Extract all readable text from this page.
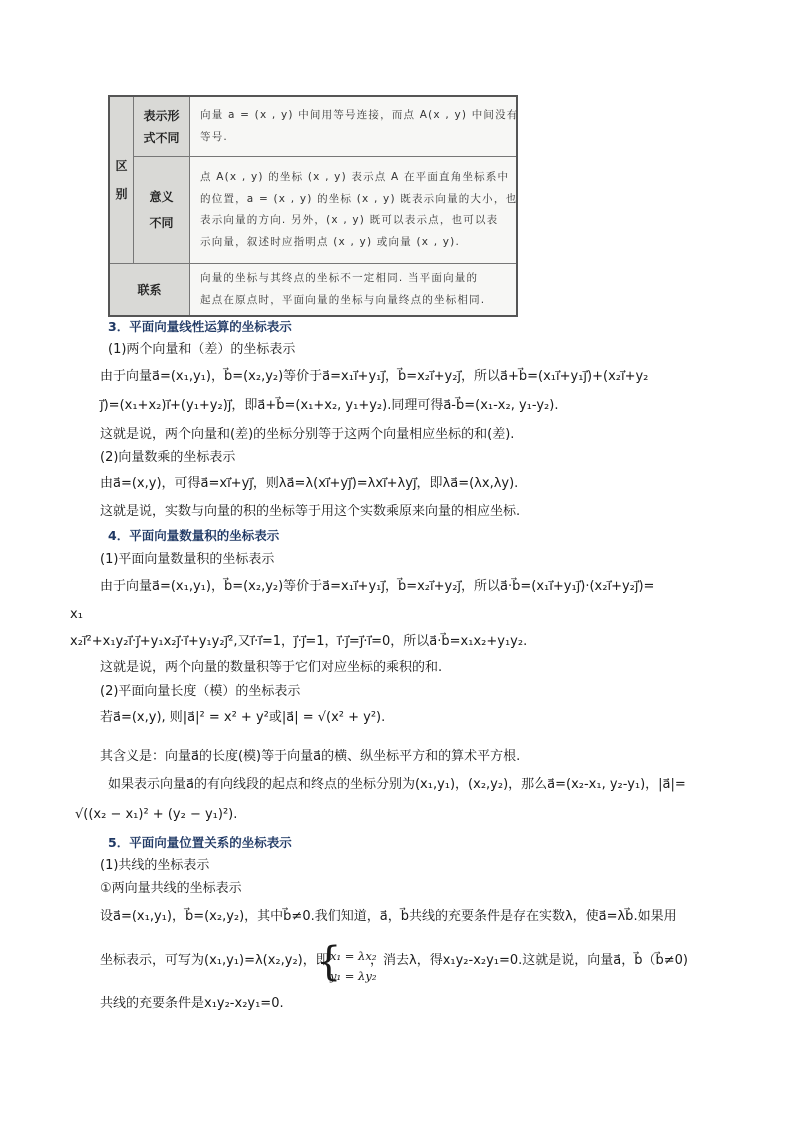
区
别
表示形
式不同
向量 a = (x , y) 中间用等号连接，而点 A(x , y) 中间没有
等号.
意义
不同
点 A(x , y) 的坐标 (x , y) 表示点 A 在平面直角坐标系中
的位置，a = (x , y) 的坐标 (x , y) 既表示向量的大小，也
表示向量的方向. 另外，(x , y) 既可以表示点，也可以表
示向量，叙述时应指明点 (x , y) 或向量 (x , y).
联系
向量的坐标与其终点的坐标不一定相同. 当平面向量的
起点在原点时，平面向量的坐标与向量终点的坐标相同.
3．平面向量线性运算的坐标表示
(1)两个向量和（差）的坐标表示
由于向量a⃗=(x₁,y₁)，b⃗=(x₂,y₂)等价于a⃗=x₁i⃗+y₁j⃗，b⃗=x₂i⃗+y₂j⃗，所以a⃗+b⃗=(x₁i⃗+y₁j⃗)+(x₂i⃗+y₂
j⃗)=(x₁+x₂)i⃗+(y₁+y₂)j⃗，即a⃗+b⃗=(x₁+x₂, y₁+y₂).同理可得a⃗-b⃗=(x₁-x₂, y₁-y₂).
这就是说，两个向量和(差)的坐标分别等于这两个向量相应坐标的和(差).
(2)向量数乘的坐标表示
由a⃗=(x,y)，可得a⃗=xi⃗+yj⃗，则λa⃗=λ(xi⃗+yj⃗)=λxi⃗+λyj⃗，即λa⃗=(λx,λy).
这就是说，实数与向量的积的坐标等于用这个实数乘原来向量的相应坐标.
4．平面向量数量积的坐标表示
(1)平面向量数量积的坐标表示
由于向量a⃗=(x₁,y₁)，b⃗=(x₂,y₂)等价于a⃗=x₁i⃗+y₁j⃗，b⃗=x₂i⃗+y₂j⃗，所以a⃗·b⃗=(x₁i⃗+y₁j⃗)·(x₂i⃗+y₂j⃗)=
x₁
x₂i⃗²+x₁y₂i⃗·j⃗+y₁x₂j⃗·i⃗+y₁y₂j⃗²,又i⃗·i⃗=1，j⃗·j⃗=1，i⃗·j⃗=j⃗·i⃗=0，所以a⃗·b⃗=x₁x₂+y₁y₂.
这就是说，两个向量的数量积等于它们对应坐标的乘积的和.
(2)平面向量长度（模）的坐标表示
若a⃗=(x,y), 则|a⃗|² = x² + y²或|a⃗| = √(x² + y²).
其含义是：向量a⃗的长度(模)等于向量a⃗的横、纵坐标平方和的算术平方根.
如果表示向量a⃗的有向线段的起点和终点的坐标分别为(x₁,y₁)，(x₂,y₂)，那么a⃗=(x₂-x₁, y₂-y₁)，|a⃗|=
√((x₂ − x₁)² + (y₂ − y₁)²).
5．平面向量位置关系的坐标表示
(1)共线的坐标表示
①两向量共线的坐标表示
设a⃗=(x₁,y₁)，b⃗=(x₂,y₂)，其中b⃗≠0.我们知道，a⃗，b⃗共线的充要条件是存在实数λ，使a⃗=λb⃗.如果用
坐标表示，可写为(x₁,y₁)=λ(x₂,y₂)，即	，消去λ，得x₁y₂-x₂y₁=0.这就是说，向量a⃗，b⃗（b⃗≠0)
共线的充要条件是x₁y₂-x₂y₁=0.
{
x₁ = λx₂
y₁ = λy₂
